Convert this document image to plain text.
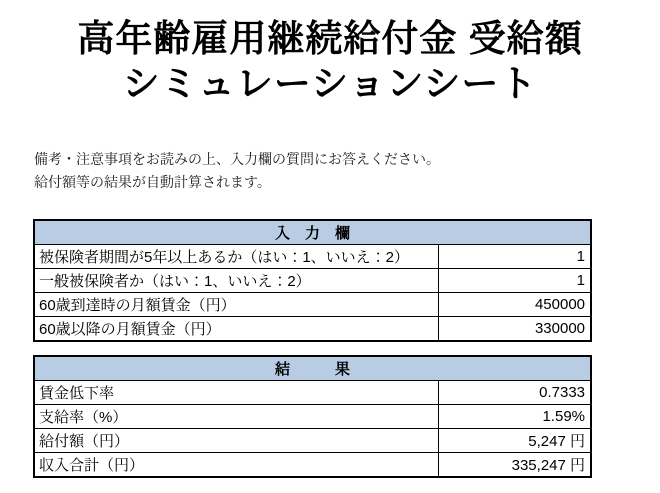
高年齢雇用継続給付金 受給額
シミュレーションシート
備考・注意事項をお読みの上、入力欄の質問にお答えください。
給付額等の結果が自動計算されます。
入　力　欄	
被保険者期間が5年以上あるか（はい：1、いいえ：2）	1
一般被保険者か（はい：1、いいえ：2）	1
60歳到達時の月額賃金（円）	450000
60歳以降の月額賃金（円）	330000
結　　　果	
賃金低下率	0.7333
支給率（%）	1.59%
給付額（円）	5,247 円
収入合計（円）	335,247 円
